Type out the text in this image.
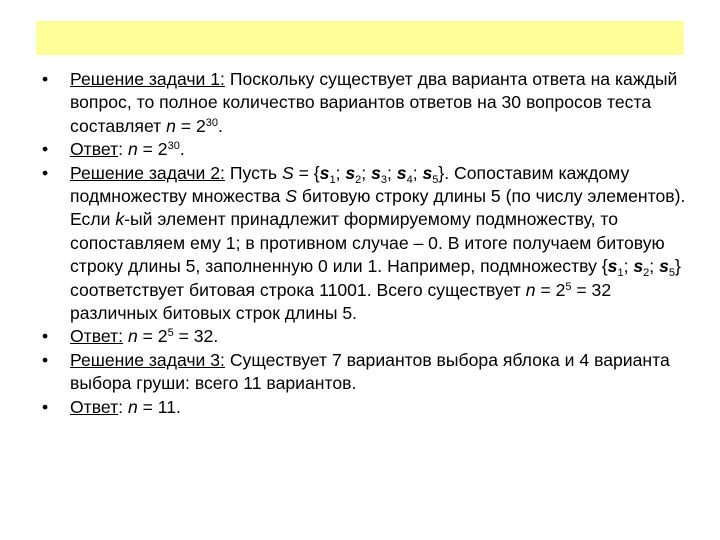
• Решение задачи 1: Поскольку существует два варианта ответа на каждый вопрос, то полное количество вариантов ответов на 30 вопросов теста составляет $n = 2^{30}$.
• Ответ: $n = 2^{30}$.
• Решение задачи 2: Пусть $S = \{s_1$; $s_2$; $s_3$; $s_4$; $s_5$}. Сопоставим каждому подмножеству множества S битовую строку длины 5 (по числу элементов). Если k-ый элемент принадлежит формируемому подмножеству, то сопоставляем ему 1; в противном случае – 0. В итоге получаем битовую строку длины 5, заполненную 0 или 1. Например, подмножеству {$s_1$; $s_2$; $s_5$} соответствует битовая строка 11001. Всего существует $n = 2^5 = 32$ различных битовых строк длины 5.
• Ответ: $n = 2^5 = 32$.
• Решение задачи 3: Существует 7 вариантов выбора яблока и 4 варианта выбора груши: всего 11 вариантов.
• Ответ: n = 11.
